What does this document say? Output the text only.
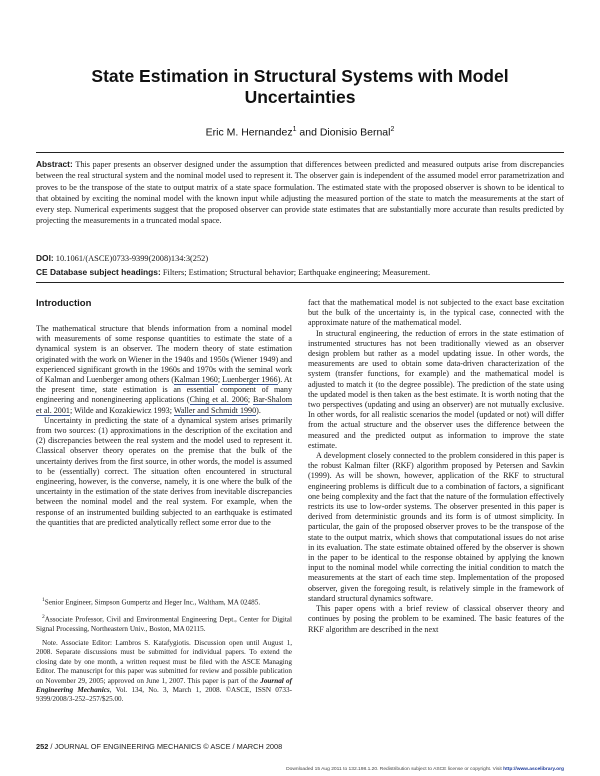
State Estimation in Structural Systems with Model Uncertainties
Eric M. Hernandez$^1$ and Dionisio Bernal$^2$
Abstract: This paper presents an observer designed under the assumption that differences between predicted and measured outputs arise from discrepancies between the real structural system and the nominal model used to represent it. The observer gain is independent of the assumed model error parametrization and proves to be the transpose of the state to output matrix of a state space formulation. The estimated state with the proposed observer is shown to be identical to that obtained by exciting the nominal model with the known input while adjusting the measured portion of the state to match the measurements at the start of every step. Numerical experiments suggest that the proposed observer can provide state estimates that are substantially more accurate than results predicted by projecting the measurements in a truncated modal space.
DOI: 10.1061/(ASCE)0733-9399(2008)134:3(252)
CE Database subject headings: Filters; Estimation; Structural behavior; Earthquake engineering; Measurement.
Introduction

The mathematical structure that blends information from a nominal model with measurements of some response quantities to estimate the state of a dynamical system is an observer. The modern theory of state estimation originated with the work on Wiener in the 1940s and 1950s (Wiener 1949) and experienced significant growth in the 1960s and 1970s with the seminal work of Kalman and Luenberger among others (Kalman 1960; Luenberger 1966). At the present time, state estimation is an essential component of many engineering and nonengineering applications (Ching et al. 2006; Bar-Shalom et al. 2001; Wilde and Kozakiewicz 1993; Waller and Schmidt 1990).

Uncertainty in predicting the state of a dynamical system arises primarily from two sources: (1) approximations in the description of the excitation and (2) discrepancies between the real system and the model used to represent it. Classical observer theory operates on the premise that the bulk of the uncertainty derives from the first source, in other words, the model is assumed to be (essentially) correct. The situation often encountered in structural engineering, however, is the converse, namely, it is one where the bulk of the uncertainty in the estimation of the state derives from inevitable discrepancies between the nominal model and the real system. For example, when the response of an instrumented building subjected to an earthquake is estimated the quantities that are predicted analytically reflect some error due to the

fact that the mathematical model is not subjected to the exact base excitation but the bulk of the uncertainty is, in the typical case, connected with the approximate nature of the mathematical model.

In structural engineering, the reduction of errors in the state estimation of instrumented structures has not been traditionally viewed as an observer design problem but rather as a model updating issue. In other words, the measurements are used to obtain some data-driven characterization of the system (transfer functions, for example) and the mathematical model is adjusted to match it (to the degree possible). The prediction of the state using the updated model is then taken as the best estimate. It is worth noting that the two perspectives (updating and using an observer) are not mutually exclusive. In other words, for all realistic scenarios the model (updated or not) will differ from the actual structure and the observer uses the difference between the measured and the predicted output as information to improve the state estimate.

A development closely connected to the problem considered in this paper is the robust Kalman filter (RKF) algorithm proposed by Petersen and Savkin (1999). As will be shown, however, application of the RKF to structural engineering problems is difficult due to a combination of factors, a significant one being complexity and the fact that the nature of the formulation effectively restricts its use to low-order systems. The observer presented in this paper is derived from deterministic grounds and its form is of utmost simplicity. In particular, the gain of the proposed observer proves to be the transpose of the state to the output matrix, which shows that computational issues do not arise in its evaluation. The state estimate obtained offered by the observer is shown in the paper to be identical to the response obtained by applying the known input to the nominal model while correcting the initial condition to match the measurements at the start of each time step. Implementation of the proposed observer, given the foregoing result, is relatively simple in the framework of standard structural dynamics software.

This paper opens with a brief review of classical observer theory and continues by posing the problem to be examined. The basic features of the RKF algorithm are described in the next

$^1$Senior Engineer, Simpson Gumpertz and Heger Inc., Waltham, MA 02485.

$^2$Associate Professor, Civil and Environmental Engineering Dept., Center for Digital Signal Processing, Northeastern Univ., Boston, MA 02115.

Note. Associate Editor: Lambros S. Katafygiotis. Discussion open until August 1, 2008. Separate discussions must be submitted for individual papers. To extend the closing date by one month, a written request must be filed with the ASCE Managing Editor. The manuscript for this paper was submitted for review and possible publication on November 29, 2005; approved on June 1, 2007. This paper is part of the Journal of Engineering Mechanics, Vol. 134, No. 3, March 1, 2008. ©ASCE, ISSN 0733-9399/2008/3-252–257/$25.00.

252 / JOURNAL OF ENGINEERING MECHANICS © ASCE / MARCH 2008
Downloaded 15 Aug 2011 to 132.198.1.20. Redistribution subject to ASCE license or copyright. Visit http://www.ascelibrary.org
